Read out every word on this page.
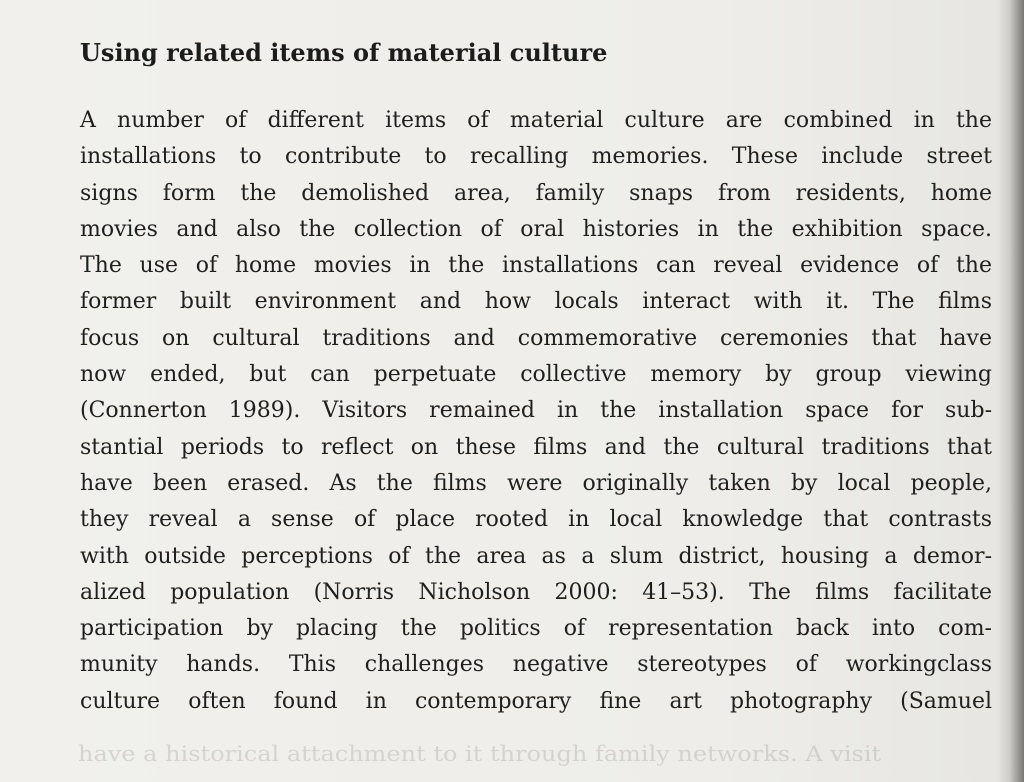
Using related items of material culture
A number of different items of material culture are combined in the
installations to contribute to recalling memories. These include street
signs form the demolished area, family snaps from residents, home
movies and also the collection of oral histories in the exhibition space.
The use of home movies in the installations can reveal evidence of the
former built environment and how locals interact with it. The films
focus on cultural traditions and commemorative ceremonies that have
now ended, but can perpetuate collective memory by group viewing
(Connerton 1989). Visitors remained in the installation space for sub-
stantial periods to reflect on these films and the cultural traditions that
have been erased. As the films were originally taken by local people,
they reveal a sense of place rooted in local knowledge that contrasts
with outside perceptions of the area as a slum district, housing a demor-
alized population (Norris Nicholson 2000: 41–53). The films facilitate
participation by placing the politics of representation back into com-
munity hands. This challenges negative stereotypes of workingclass
culture often found in contemporary fine art photography (Samuel
have a historical attachment to it through family networks. A visit
